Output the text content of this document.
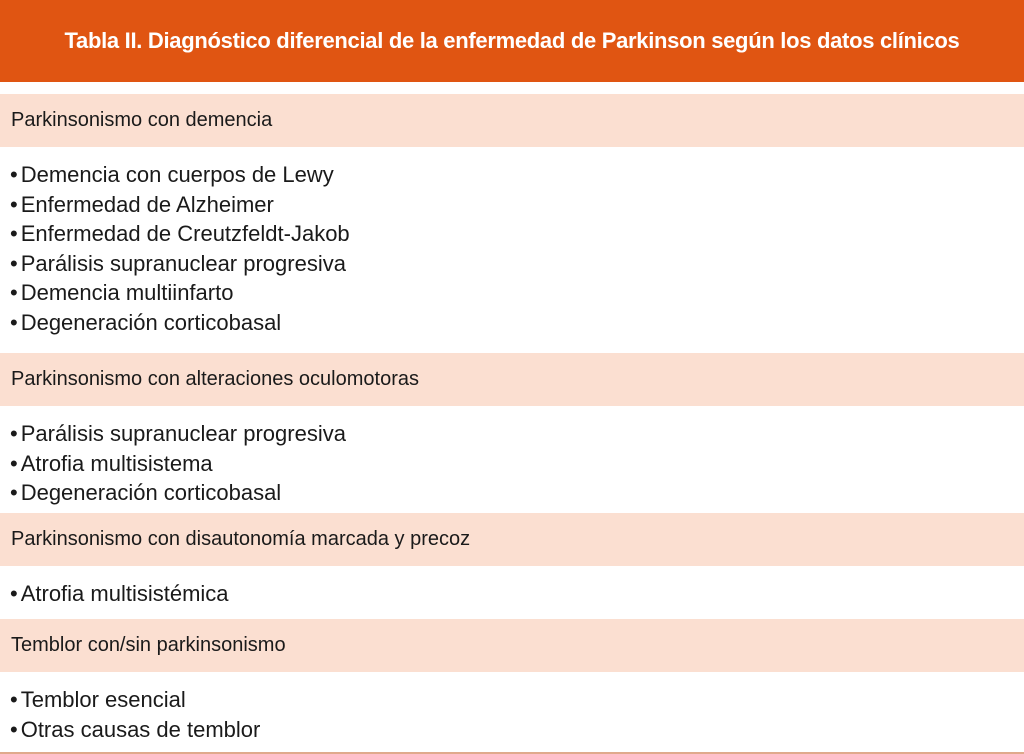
Tabla II. Diagnóstico diferencial de la enfermedad de Parkinson según los datos clínicos
Parkinsonismo con demencia
• Demencia con cuerpos de Lewy
• Enfermedad de Alzheimer
• Enfermedad de Creutzfeldt-Jakob
• Parálisis supranuclear progresiva
• Demencia multiinfarto
• Degeneración corticobasal
Parkinsonismo con alteraciones oculomotoras
• Parálisis supranuclear progresiva
• Atrofia multisistema
• Degeneración corticobasal
Parkinsonismo con disautonomía marcada y precoz
• Atrofia multisistémica
Temblor con/sin parkinsonismo
• Temblor esencial
• Otras causas de temblor
